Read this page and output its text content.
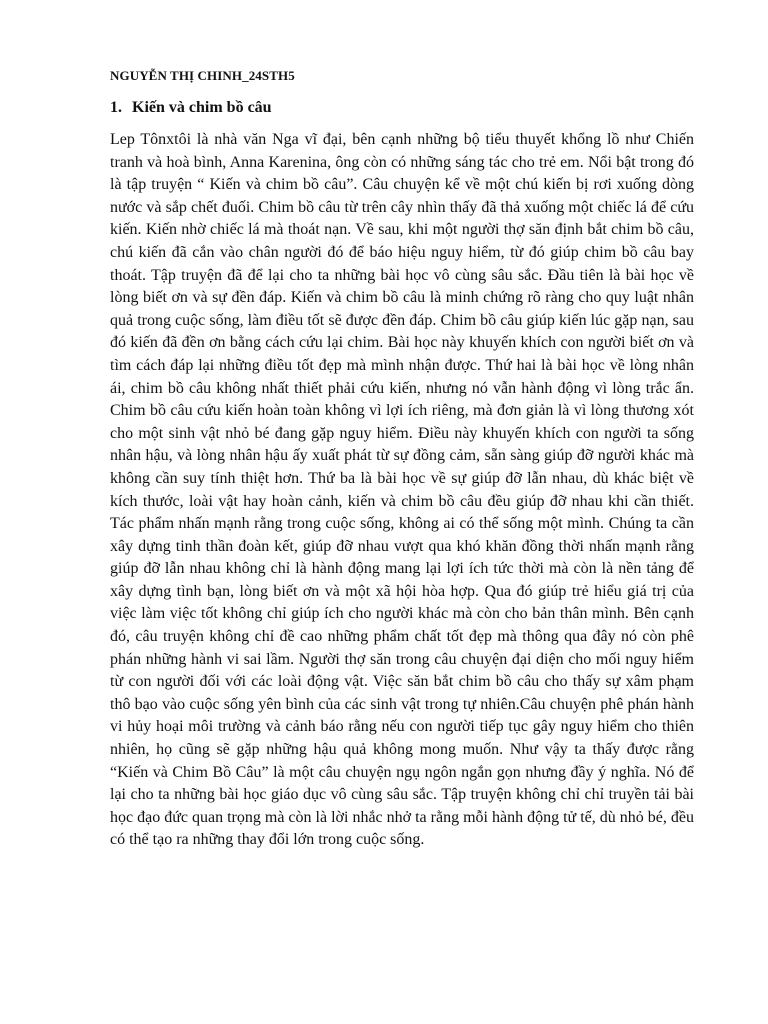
NGUYỄN THỊ CHINH_24STH5

1. Kiến và chim bồ câu

Lep Tônxtôi là nhà văn Nga vĩ đại, bên cạnh những bộ tiểu thuyết khổng lồ như Chiến tranh và hoà bình, Anna Karenina, ông còn có những sáng tác cho trẻ em. Nổi bật trong đó là tập truyện “ Kiến và chim bồ câu”. Câu chuyện kể về một chú kiến bị rơi xuống dòng nước và sắp chết đuối. Chim bồ câu từ trên cây nhìn thấy đã thả xuống một chiếc lá để cứu kiến. Kiến nhờ chiếc lá mà thoát nạn. Về sau, khi một người thợ săn định bắt chim bồ câu, chú kiến đã cắn vào chân người đó để báo hiệu nguy hiểm, từ đó giúp chim bồ câu bay thoát. Tập truyện đã để lại cho ta những bài học vô cùng sâu sắc. Đầu tiên là bài học về lòng biết ơn và sự đền đáp. Kiến và chim bồ câu là minh chứng rõ ràng cho quy luật nhân quả trong cuộc sống, làm điều tốt sẽ được đền đáp. Chim bồ câu giúp kiến lúc gặp nạn, sau đó kiến đã đền ơn bằng cách cứu lại chim. Bài học này khuyến khích con người biết ơn và tìm cách đáp lại những điều tốt đẹp mà mình nhận được. Thứ hai là bài học về lòng nhân ái, chim bồ câu không nhất thiết phải cứu kiến, nhưng nó vẫn hành động vì lòng trắc ẩn. Chim bồ câu cứu kiến hoàn toàn không vì lợi ích riêng, mà đơn giản là vì lòng thương xót cho một sinh vật nhỏ bé đang gặp nguy hiểm. Điều này khuyến khích con người ta sống nhân hậu, và lòng nhân hậu ấy xuất phát từ sự đồng cảm, sẵn sàng giúp đỡ người khác mà không cần suy tính thiệt hơn. Thứ ba là bài học về sự giúp đỡ lẫn nhau, dù khác biệt về kích thước, loài vật hay hoàn cảnh, kiến và chim bồ câu đều giúp đỡ nhau khi cần thiết. Tác phẩm nhấn mạnh rằng trong cuộc sống, không ai có thể sống một mình. Chúng ta cần xây dựng tinh thần đoàn kết, giúp đỡ nhau vượt qua khó khăn đồng thời nhấn mạnh rằng giúp đỡ lẫn nhau không chỉ là hành động mang lại lợi ích tức thời mà còn là nền tảng để xây dựng tình bạn, lòng biết ơn và một xã hội hòa hợp. Qua đó giúp trẻ hiểu giá trị của việc làm việc tốt không chỉ giúp ích cho người khác mà còn cho bản thân mình. Bên cạnh đó, câu truyện không chỉ đề cao những phẩm chất tốt đẹp mà thông qua đây nó còn phê phán những hành vi sai lầm. Người thợ săn trong câu chuyện đại diện cho mối nguy hiểm từ con người đối với các loài động vật. Việc săn bắt chim bồ câu cho thấy sự xâm phạm thô bạo vào cuộc sống yên bình của các sinh vật trong tự nhiên.Câu chuyện phê phán hành vi hủy hoại môi trường và cảnh báo rằng nếu con người tiếp tục gây nguy hiểm cho thiên nhiên, họ cũng sẽ gặp những hậu quả không mong muốn. Như vậy ta thấy được rằng “Kiến và Chim Bồ Câu” là một câu chuyện ngụ ngôn ngắn gọn nhưng đầy ý nghĩa. Nó để lại cho ta những bài học giáo dục vô cùng sâu sắc. Tập truyện không chỉ chỉ truyền tải bài học đạo đức quan trọng mà còn là lời nhắc nhở ta rằng mỗi hành động tử tế, dù nhỏ bé, đều có thể tạo ra những thay đổi lớn trong cuộc sống.
